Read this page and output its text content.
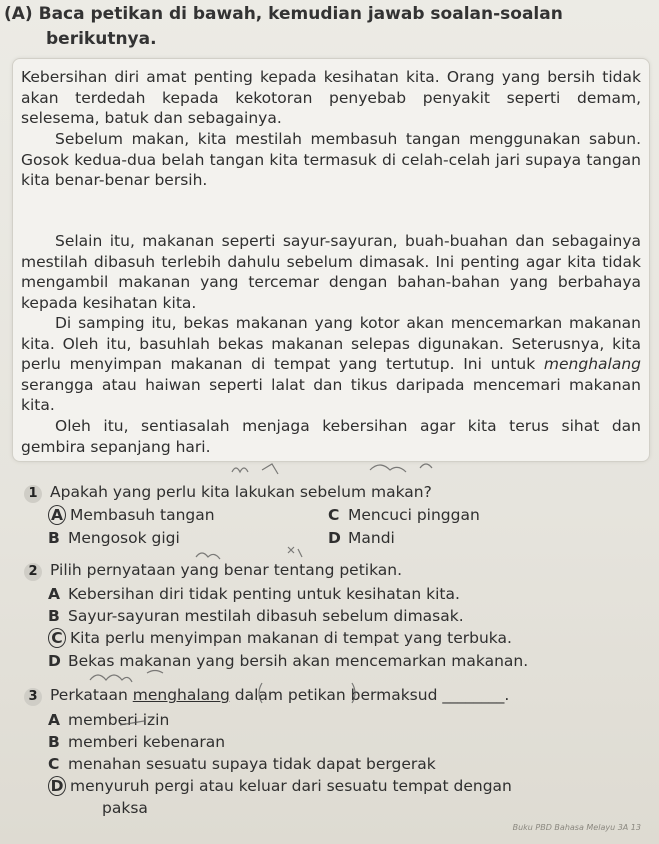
(A) Baca petikan di bawah, kemudian jawab soalan-soalan
berikutnya.

Kebersihan diri amat penting kepada kesihatan kita. Orang yang bersih tidak akan terdedah kepada kekotoran penyebab penyakit seperti demam, selesema, batuk dan sebagainya.

Sebelum makan, kita mestilah membasuh tangan menggunakan sabun. Gosok kedua-dua belah tangan kita termasuk di celah-celah jari supaya tangan kita benar-benar bersih.

Selain itu, makanan seperti sayur-sayuran, buah-buahan dan sebagainya mestilah dibasuh terlebih dahulu sebelum dimasak. Ini penting agar kita tidak mengambil makanan yang tercemar dengan bahan-bahan yang berbahaya kepada kesihatan kita.

Di samping itu, bekas makanan yang kotor akan mencemarkan makanan kita. Oleh itu, basuhlah bekas makanan selepas digunakan. Seterusnya, kita perlu menyimpan makanan di tempat yang tertutup. Ini untuk menghalang serangga atau haiwan seperti lalat dan tikus daripada mencemari makanan kita.

Oleh itu, sentiasalah menjaga kebersihan agar kita terus sihat dan gembira sepanjang hari.

1 Apakah yang perlu kita lakukan sebelum makan?
A Membasuh tangan	C Mencuci pinggan
B Mengosok gigi	D Mandi
2 Pilih pernyataan yang benar tentang petikan.
A Kebersihan diri tidak penting untuk kesihatan kita.
B Sayur-sayuran mestilah dibasuh sebelum dimasak.
C Kita perlu menyimpan makanan di tempat yang terbuka.
D Bekas makanan yang bersih akan mencemarkan makanan.
3 Perkataan menghalang dalam petikan bermaksud ________.
A memberi izin
B memberi kebenaran
C menahan sesuatu supaya tidak dapat bergerak
D menyuruh pergi atau keluar dari sesuatu tempat dengan
paksa
Buku PBD Bahasa Melayu 3A 13
